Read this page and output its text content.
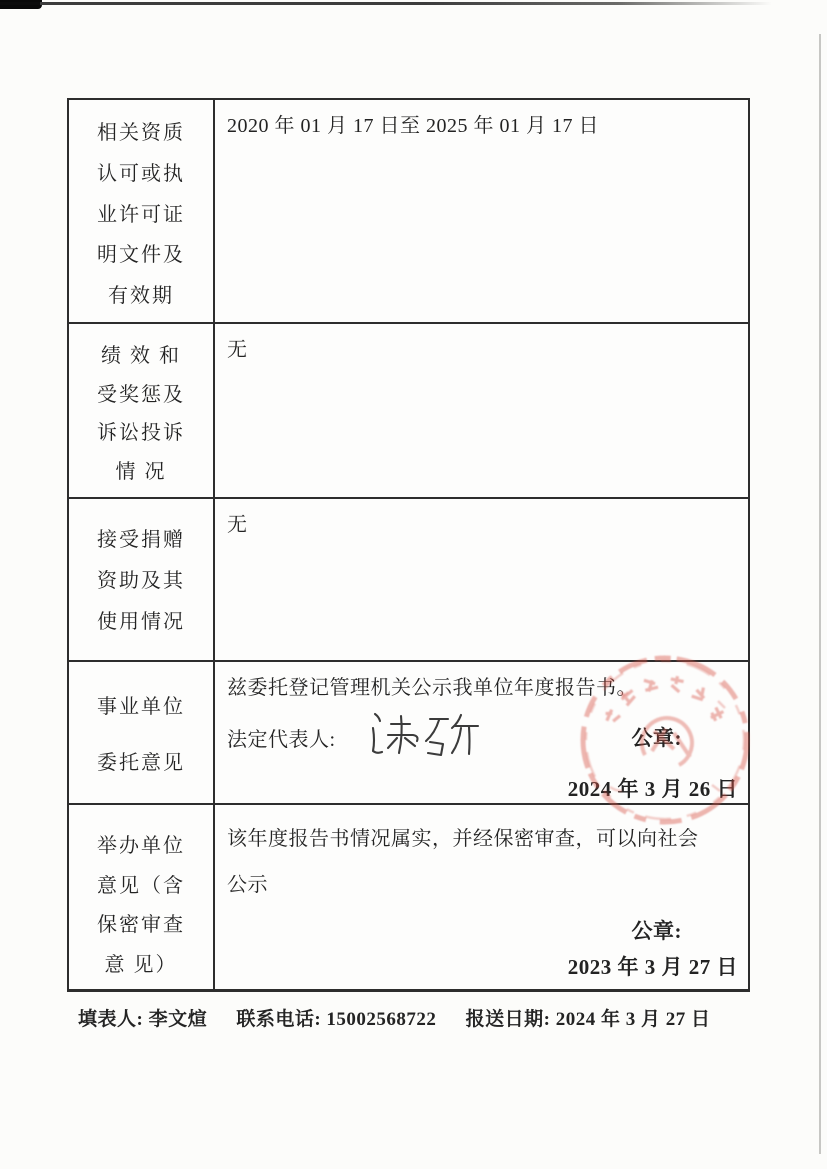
相关资质
认可或执
业许可证
明文件及
有效期
2020 年 01 月 17 日至 2025 年 01 月 17 日
绩 效 和
受奖惩及
诉讼投诉
情 况
无
接受捐赠
资助及其
使用情况
无
事业单位
委托意见
兹委托登记管理机关公示我单位年度报告书。
法定代表人:	公章:
2024 年 3 月 26 日
举办单位
意见（含
保密审查
意 见）
该年度报告书情况属实，并经保密审查，可以向社会
公示
公章:
2023 年 3 月 27 日
填表人: 李文煊 联系电话: 15002568722 报送日期: 2024 年 3 月 27 日
